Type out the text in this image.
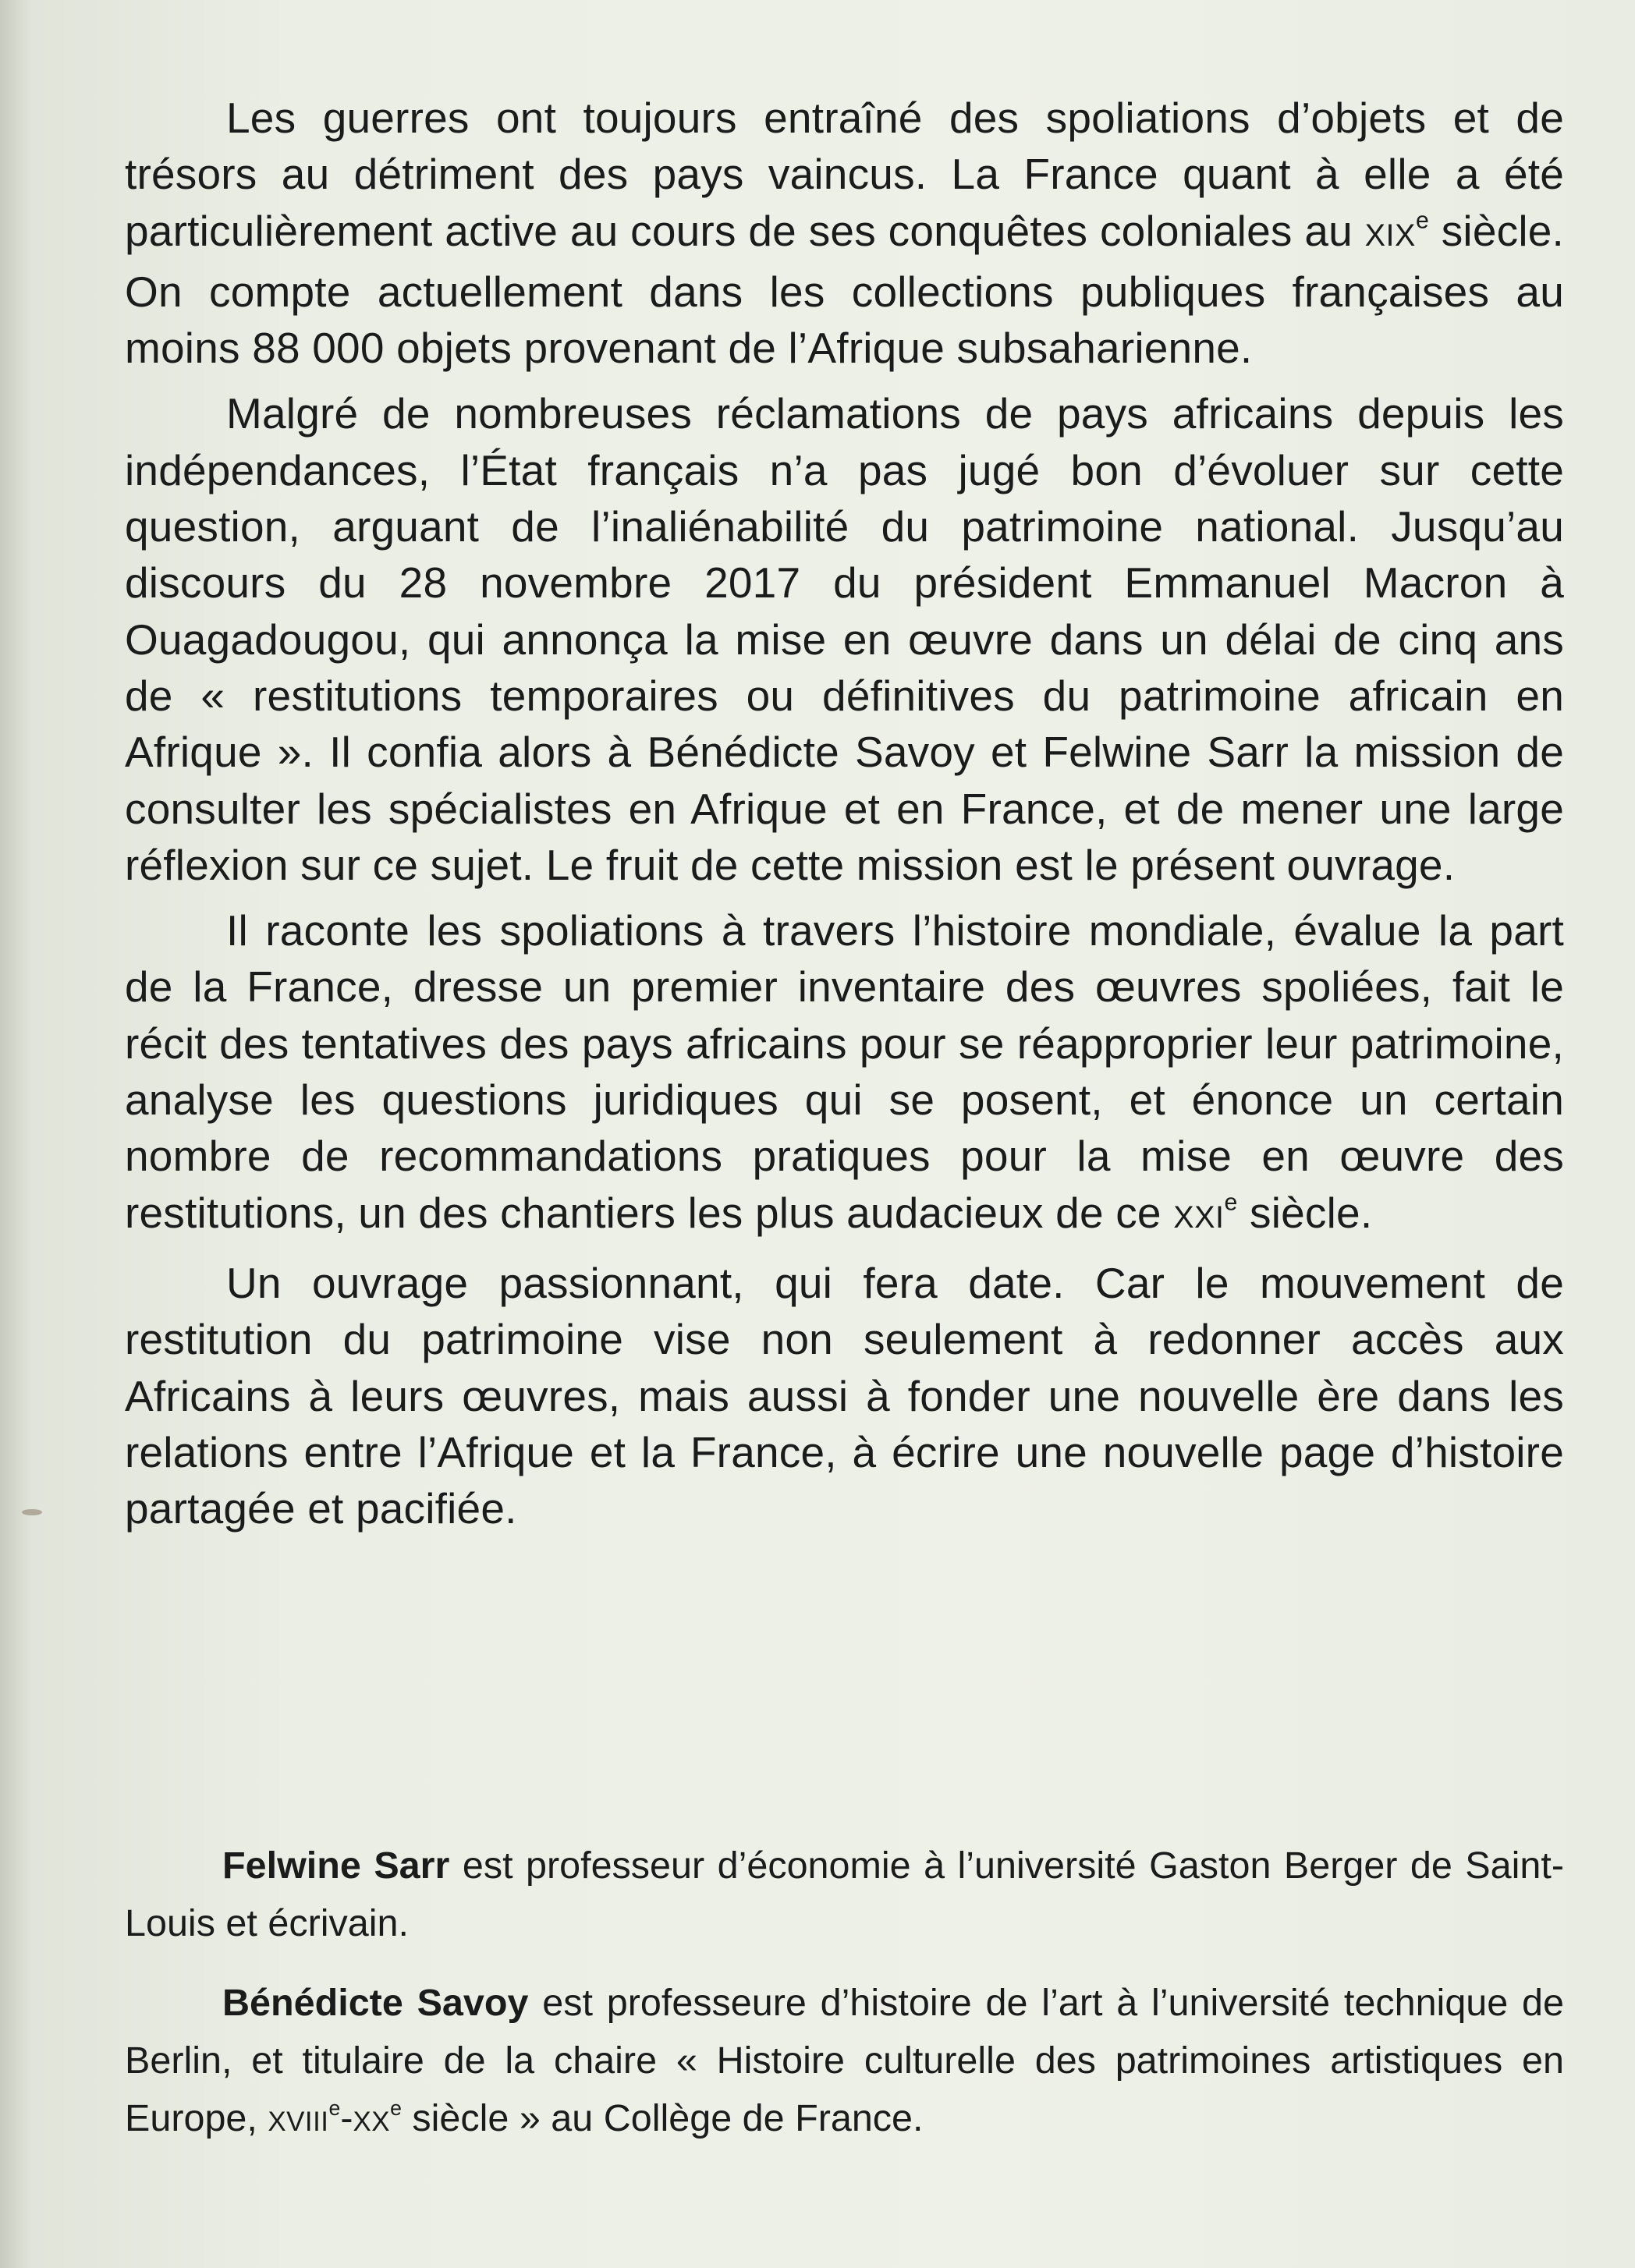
Les guerres ont toujours entraîné des spoliations d’objets et de trésors au détriment des pays vaincus. La France quant à elle a été particulièrement active au cours de ses conquêtes coloniales au XIXe siècle. On compte actuellement dans les collections publiques françaises au moins 88 000 objets provenant de l’Afrique subsaharienne.

Malgré de nombreuses réclamations de pays africains depuis les indépendances, l’État français n’a pas jugé bon d’évoluer sur cette question, arguant de l’inaliénabilité du patrimoine national. Jusqu’au discours du 28 novembre 2017 du président Emmanuel Macron à Ouagadougou, qui annonça la mise en œuvre dans un délai de cinq ans de « restitutions temporaires ou définitives du patrimoine africain en Afrique ». Il confia alors à Bénédicte Savoy et Felwine Sarr la mission de consulter les spécialistes en Afrique et en France, et de mener une large réflexion sur ce sujet. Le fruit de cette mission est le présent ouvrage.

Il raconte les spoliations à travers l’histoire mondiale, évalue la part de la France, dresse un premier inventaire des œuvres spoliées, fait le récit des tentatives des pays africains pour se réapproprier leur patrimoine, analyse les questions juridiques qui se posent, et énonce un certain nombre de recommandations pratiques pour la mise en œuvre des restitutions, un des chantiers les plus audacieux de ce XXIe siècle.

Un ouvrage passionnant, qui fera date. Car le mouvement de restitution du patrimoine vise non seulement à redonner accès aux Africains à leurs œuvres, mais aussi à fonder une nouvelle ère dans les relations entre l’Afrique et la France, à écrire une nouvelle page d’histoire partagée et pacifiée.

Felwine Sarr est professeur d’économie à l’université Gaston Berger de Saint-Louis et écrivain.

Bénédicte Savoy est professeure d’histoire de l’art à l’université technique de Berlin, et titulaire de la chaire « Histoire culturelle des patrimoines artistiques en Europe, XVIIIe-XXe siècle » au Collège de France.
